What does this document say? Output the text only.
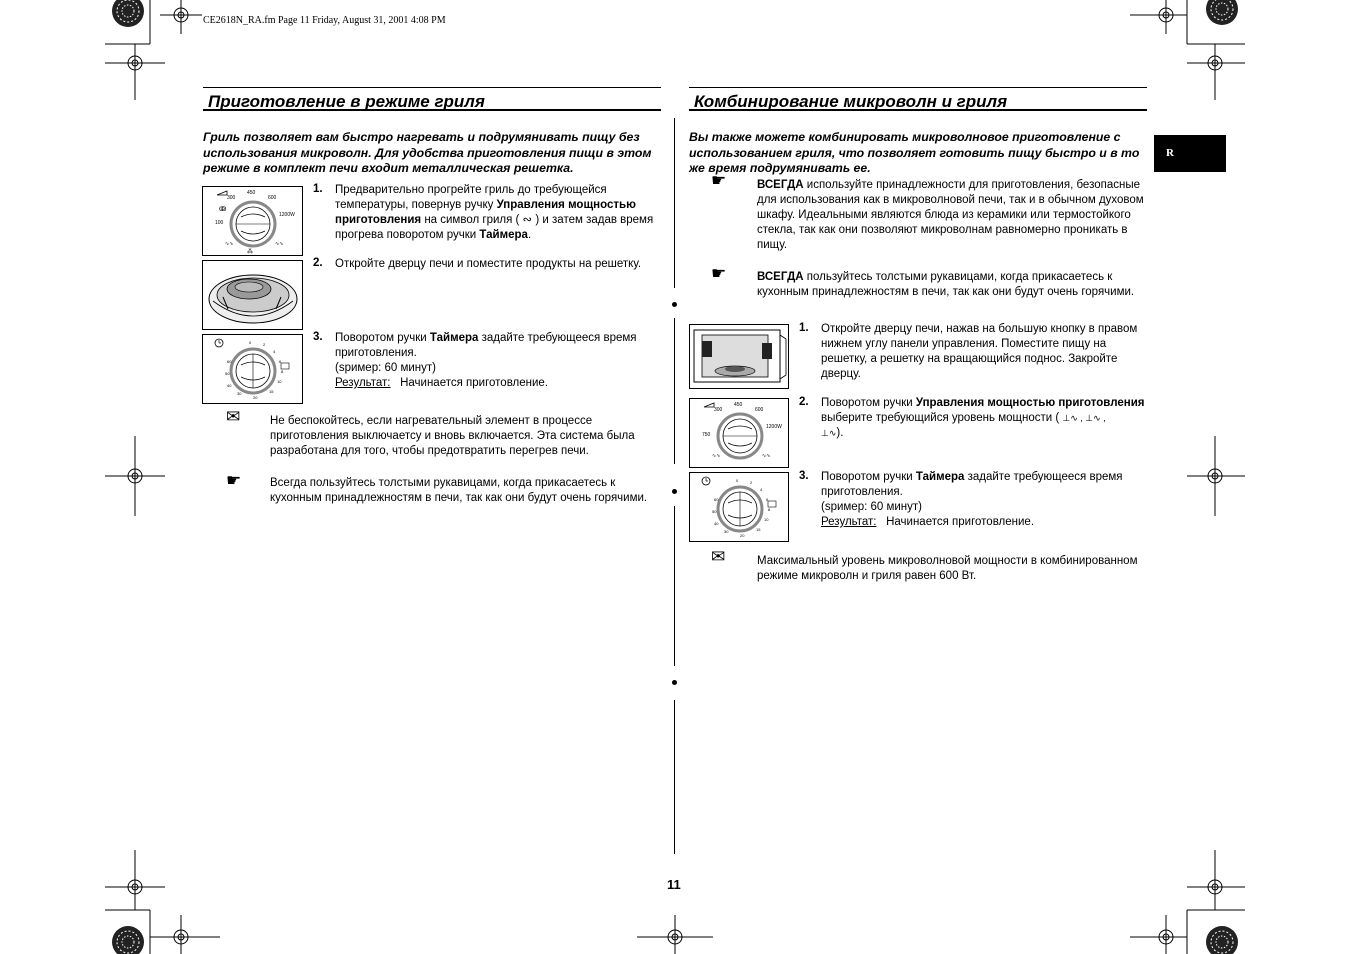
CE2618N_RA.fm Page 11 Friday, August 31, 2001 4:08 PM
R
Приготовление в режиме гриля
Гриль позволяет вам быстро нагревать и подрумянивать пищу без использования микроволн. Для удобства приготовления пищи в этом режиме в комплект печи входит металлическая решетка.
450
300	600
100
1200W
⁂
ↂ
∿∿	∿∿
0	2
4
6
8
10
15
20
30
40
50
60
1. Предварительно прогрейте гриль до требующейся температуры, повернув ручку Управления мощностью приготовления на символ гриля ( ∾ ) и затем задав время прогрева поворотом ручки Таймера.
2. Откройте дверцу печи и поместите продукты на решетку.
3. Поворотом ручки Таймера задайте требующееся время приготовления.
(ѕример: 60 минут)
Результат: Начинается приготовление.
✉	Не беспокойтесь, если нагревательный элемент в процессе приготовления выключаетсу и вновь включается. Эта система была разработана для того, чтобы предотвратить перегрев печи.
☛	Всегда пользуйтесь толстыми рукавицами, когда прикасаетесь к кухонным принадлежностям в печи, так как они будут очень горячими.
Комбинирование микроволн и гриля
Вы также можете комбинировать микроволновое приготовление с использованием гриля, что позволяет готовить пищу быстро и в то же время подрумянивать ее.
☛	ВСЕГДА используйте принадлежности для приготовления, безопасные для использования как в микроволновой печи, так и в обычном духовом шкафу. Идеальными являются блюда из керамики или термостойкого стекла, так как они позволяют микроволнам равномерно проникать в пищу.
☛	ВСЕГДА пользуйтесь толстыми рукавицами, когда прикасаетесь к кухонным принадлежностям в печи, так как они будут очень горячими.
450
300	600
750
1200W
∿∿	∿∿
0	2
4
6
8
10
15
20
30
40
50
60
1. Откройте дверцу печи, нажав на большую кнопку в правом нижнем углу панели управления. Поместите пищу на решетку, а решетку на вращающийся поднос. Закройте дверцу.
2. Поворотом ручки Управления мощностью приготовления выберите требующийся уровень мощности ( ⊥∿ , ⊥∿ ,
⊥∿).
3. Поворотом ручки Таймера задайте требующееся время приготовления.
(ѕример: 60 минут)
Результат: Начинается приготовление.
✉	Максимальный уровень микроволновой мощности в комбинированном режиме микроволн и гриля равен 600 Вт.
11
